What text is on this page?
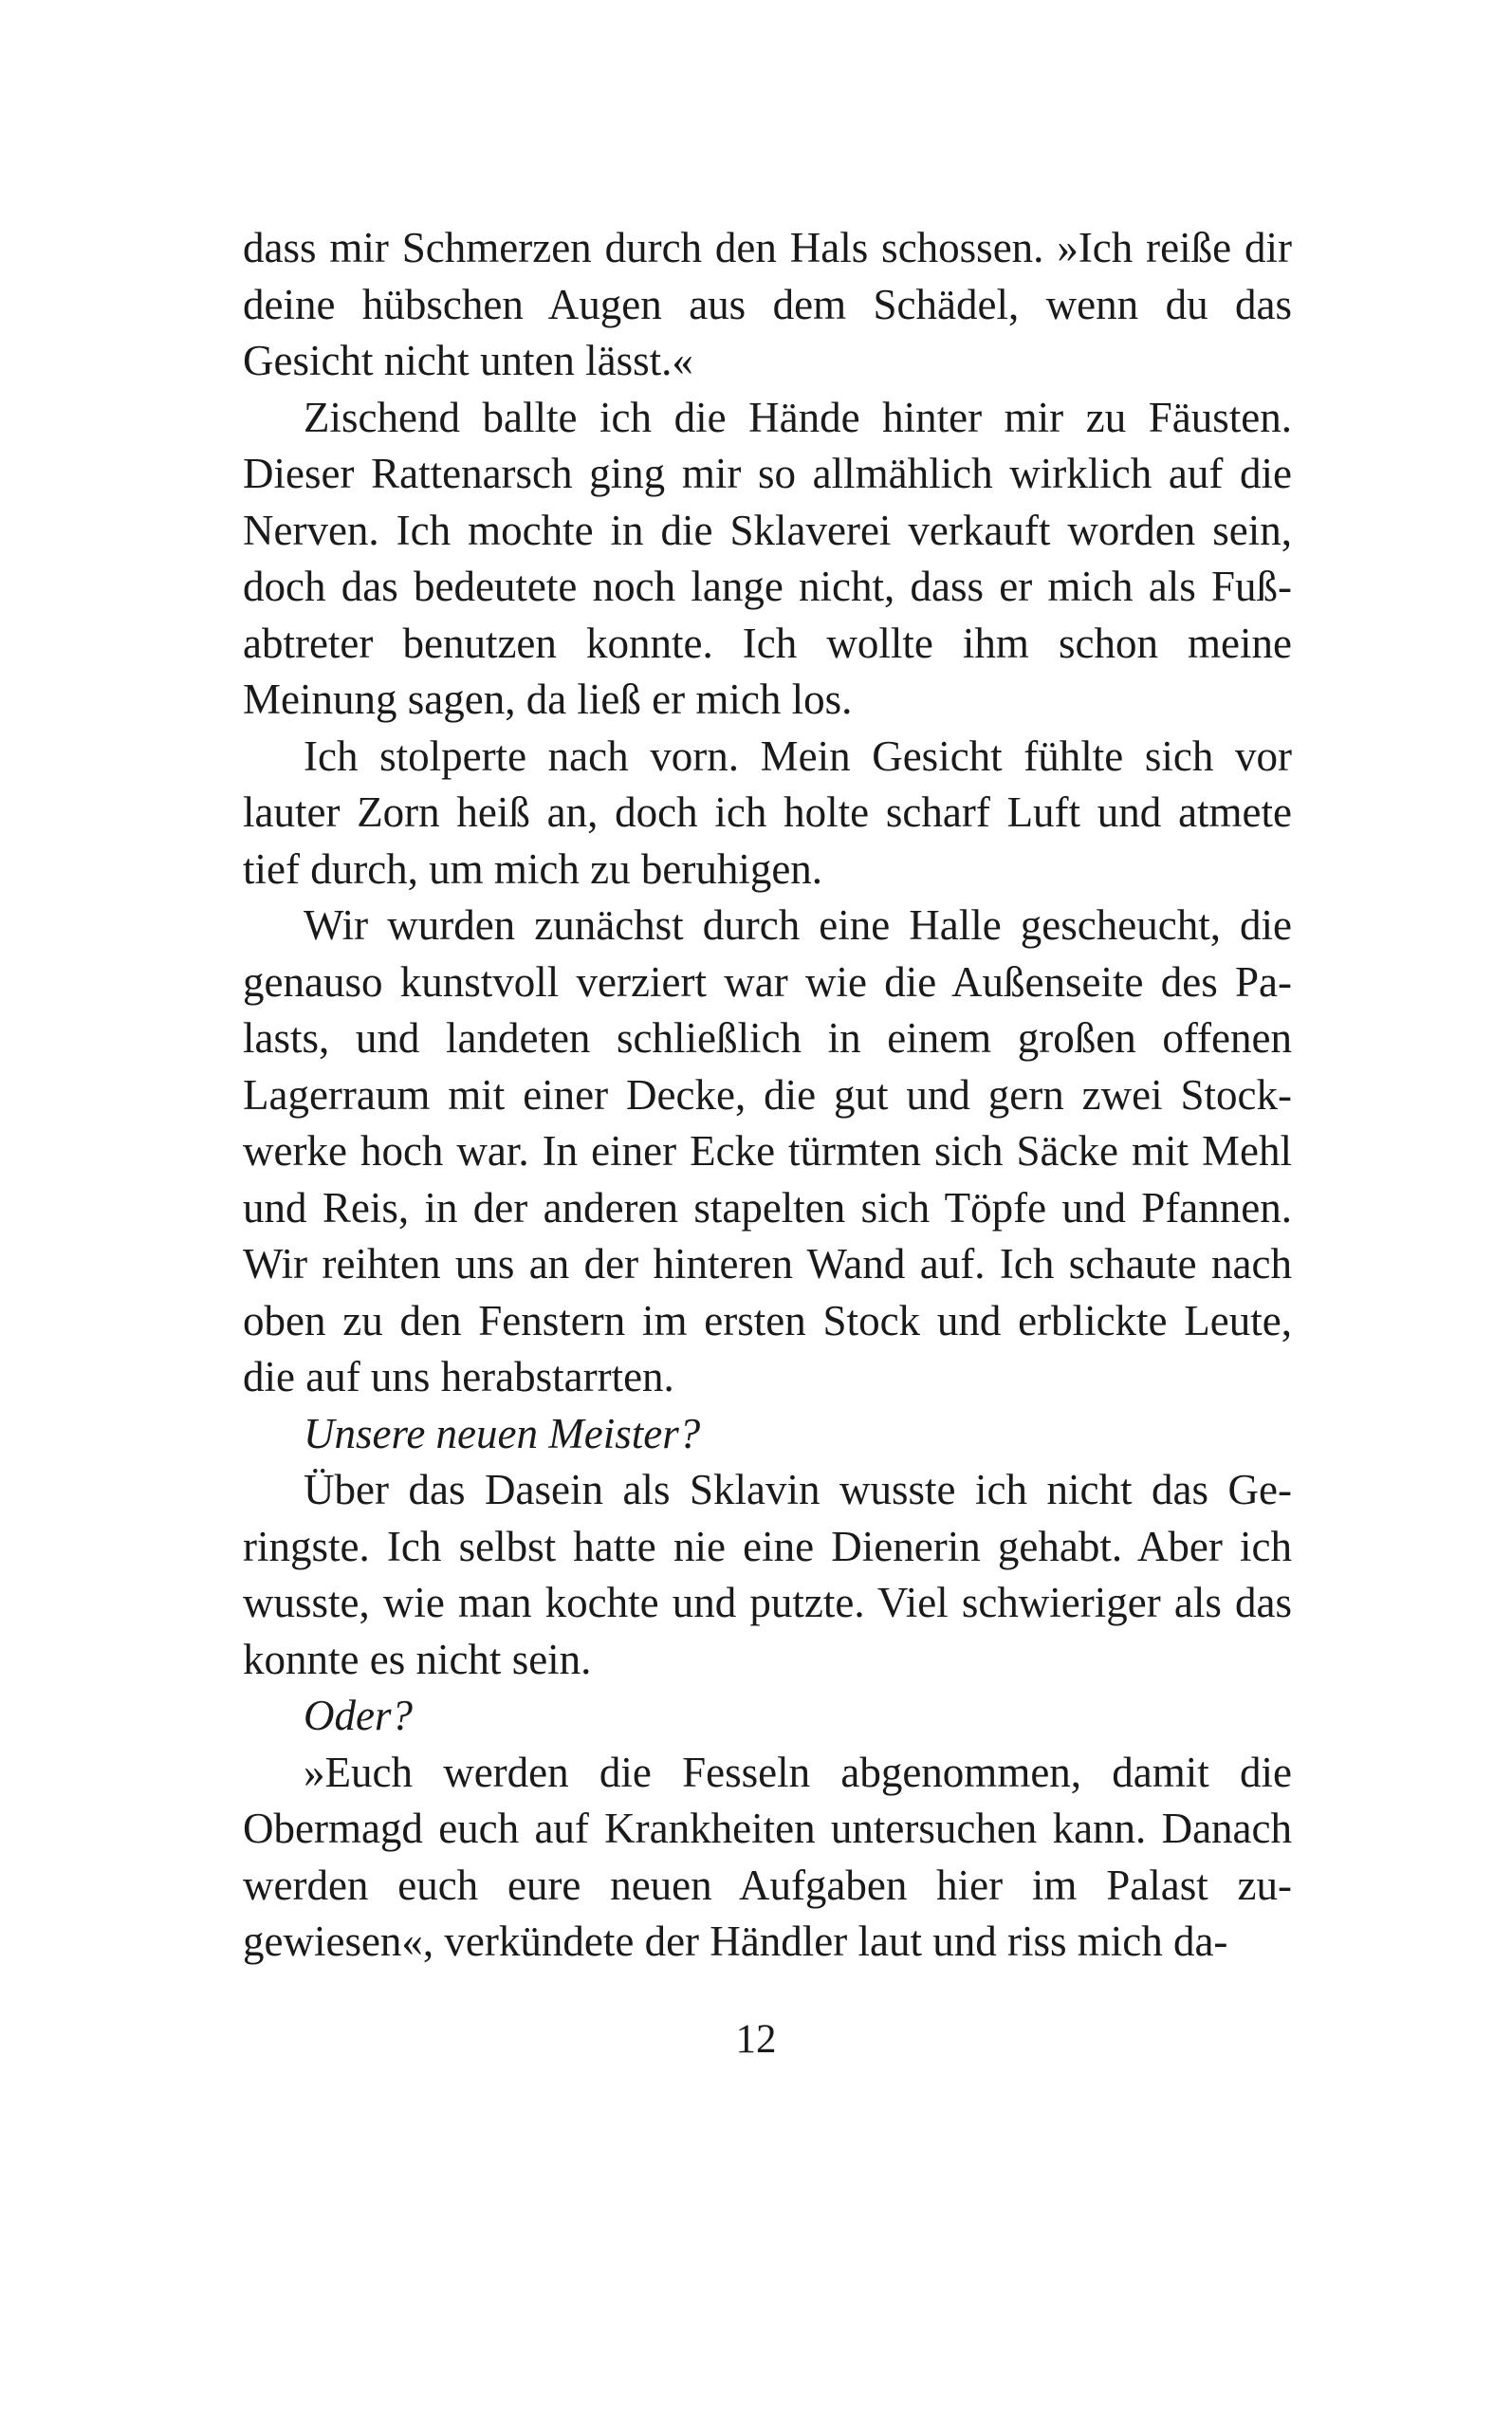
dass mir Schmerzen durch den Hals schossen. »Ich reiße dir deine hübschen Augen aus dem Schädel, wenn du das Gesicht nicht unten lässt.«

Zischend ballte ich die Hände hinter mir zu Fäusten. Dieser Rattenarsch ging mir so allmählich wirklich auf die Nerven. Ich mochte in die Sklaverei verkauft worden sein, doch das bedeutete noch lange nicht, dass er mich als Fußabtreter benutzen konnte. Ich wollte ihm schon meine Meinung sagen, da ließ er mich los.

Ich stolperte nach vorn. Mein Gesicht fühlte sich vor lauter Zorn heiß an, doch ich holte scharf Luft und atmete tief durch, um mich zu beruhigen.

Wir wurden zunächst durch eine Halle gescheucht, die genauso kunstvoll verziert war wie die Außenseite des Palasts, und landeten schließlich in einem großen offenen Lagerraum mit einer Decke, die gut und gern zwei Stockwerke hoch war. In einer Ecke türmten sich Säcke mit Mehl und Reis, in der anderen stapelten sich Töpfe und Pfannen. Wir reihten uns an der hinteren Wand auf. Ich schaute nach oben zu den Fenstern im ersten Stock und erblickte Leute, die auf uns herabstarrten.

Unsere neuen Meister?

Über das Dasein als Sklavin wusste ich nicht das Geringste. Ich selbst hatte nie eine Dienerin gehabt. Aber ich wusste, wie man kochte und putzte. Viel schwieriger als das konnte es nicht sein.

Oder?

»Euch werden die Fesseln abgenommen, damit die Obermagd euch auf Krankheiten untersuchen kann. Danach werden euch eure neuen Aufgaben hier im Palast zugewiesen«, verkündete der Händler laut und riss mich da-

12
